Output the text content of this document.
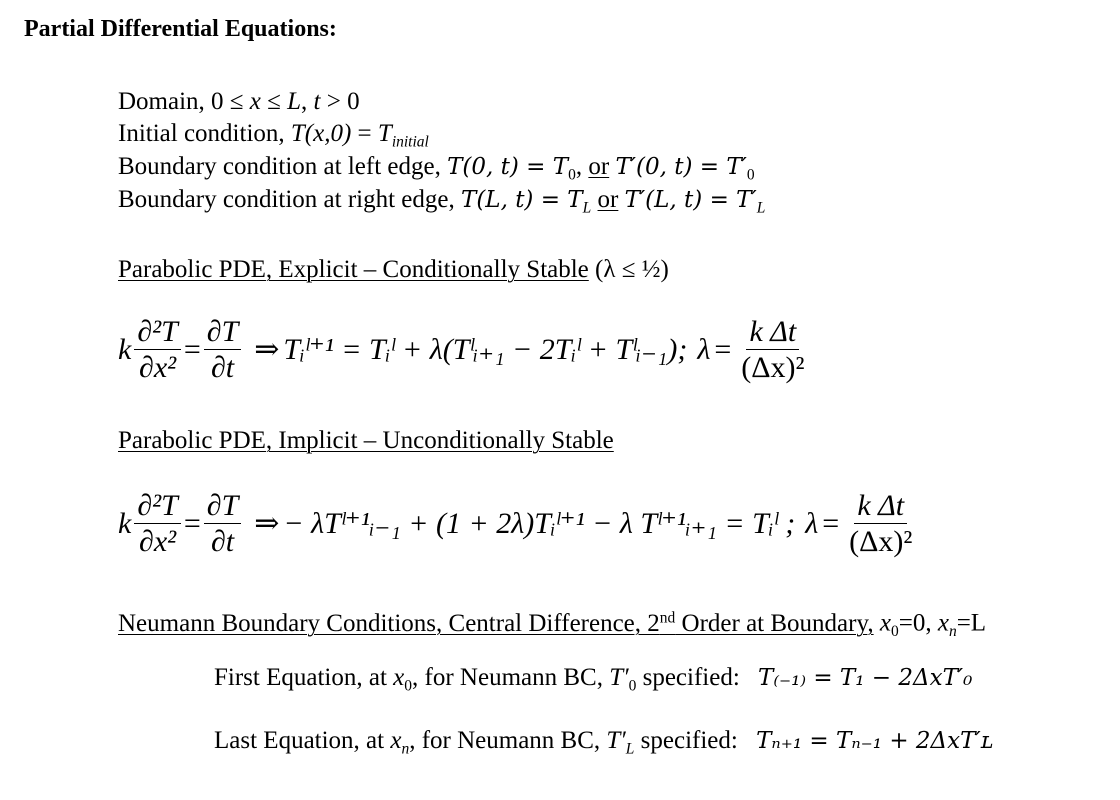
Partial Differential Equations:
Domain, 0 ≤ x ≤ L, t > 0
Initial condition, $T(x,0) = T_{initial}$
Boundary condition at left edge, T(0, $t) = T_0$, or T′(0, $t) = T'_0$
Boundary condition at right edge, T(L, $t) = T_L$ or T′(L, $t) = T'_L$
Parabolic PDE, Explicit – Conditionally Stable (λ ≤ ½)
k $\frac{\text{∂²T}}{\text{∂x²}} = \frac{\partial T}{\partial t}$ ⇒ Tᵢˡ⁺¹ = Tᵢˡ + λ(Tˡᵢ₊₁ − 2Tᵢˡ + Tˡᵢ₋₁); $\lambda = \frac{\text{k Δt}}{\text{(Δx)²}}$
Parabolic PDE, Implicit – Unconditionally Stable
k $\frac{\text{∂²T}}{\text{∂x²}} = \frac{\partial T}{\partial t}$ ⇒ − λTˡ⁺¹ᵢ₋₁ + (1 + 2λ)Tᵢˡ⁺¹ − λ Tˡ⁺¹ᵢ₊₁ = Tᵢˡ ; $\lambda = \frac{\text{k Δt}}{\text{(Δx)²}}$
Neumann Boundary Conditions, Central Difference, 2nd Order at Boundary, $x_0=0$, $x_n=L$
First Equation, at $x_0$, for Neumann BC, $T'_0$ specified: T₍₋₁₎ = T₁ − 2ΔxT′₀
Last Equation, at $x_n$, for Neumann BC, $T'_L$ specified: Tₙ₊₁ = Tₙ₋₁ + 2ΔxT′ʟ
